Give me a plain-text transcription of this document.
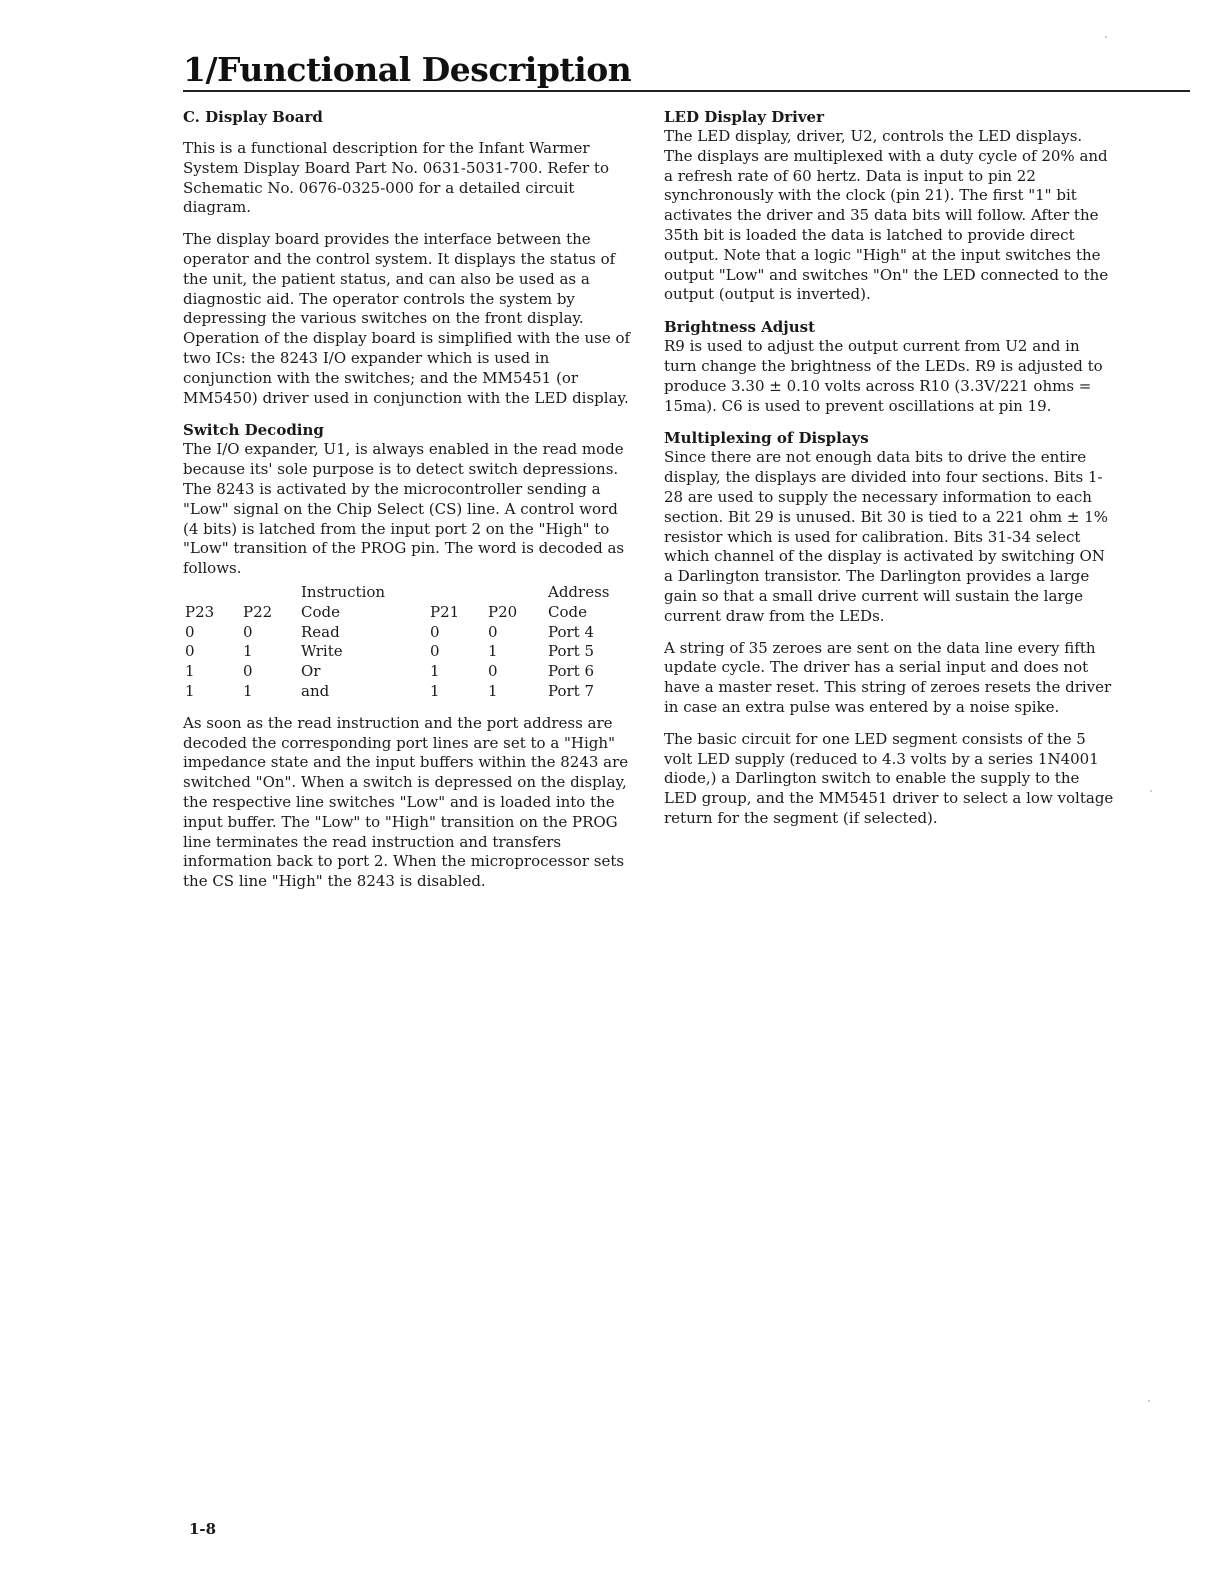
1/Functional Description
C. Display Board

This is a functional description for the Infant Warmer System Display Board Part No. 0631-5031-700. Refer to Schematic No. 0676-0325-000 for a detailed circuit diagram.

The display board provides the interface between the operator and the control system. It displays the status of the unit, the patient status, and can also be used as a diagnostic aid. The operator controls the system by depressing the various switches on the front display. Operation of the display board is simplified with the use of two ICs: the 8243 I/O expander which is used in conjunction with the switches; and the MM5451 (or MM5450) driver used in conjunction with the LED display.

Switch Decoding

The I/O expander, U1, is always enabled in the read mode because its' sole purpose is to detect switch depressions. The 8243 is activated by the microcontroller sending a "Low" signal on the Chip Select (CS) line. A control word (4 bits) is latched from the input port 2 on the "High" to "Low" transition of the PROG pin. The word is decoded as follows.

		Instruction			Address
P23	P22	Code	P21	P20	Code
0	0	Read	0	0	Port 4
0	1	Write	0	1	Port 5
1	0	Or	1	0	Port 6
1	1	and	1	1	Port 7

As soon as the read instruction and the port address are decoded the corresponding port lines are set to a "High" impedance state and the input buffers within the 8243 are switched "On". When a switch is depressed on the display, the respective line switches "Low" and is loaded into the input buffer. The "Low" to "High" transition on the PROG line terminates the read instruction and transfers information back to port 2. When the microprocessor sets the CS line "High" the 8243 is disabled.

LED Display Driver

The LED display, driver, U2, controls the LED displays. The displays are multiplexed with a duty cycle of 20% and a refresh rate of 60 hertz. Data is input to pin 22 synchronously with the clock (pin 21). The first "1" bit activates the driver and 35 data bits will follow. After the 35th bit is loaded the data is latched to provide direct output. Note that a logic "High" at the input switches the output "Low" and switches "On" the LED connected to the output (output is inverted).

Brightness Adjust

R9 is used to adjust the output current from U2 and in turn change the brightness of the LEDs. R9 is adjusted to produce 3.30 ± 0.10 volts across R10 (3.3V/221 ohms = 15ma). C6 is used to prevent oscillations at pin 19.

Multiplexing of Displays

Since there are not enough data bits to drive the entire display, the displays are divided into four sections. Bits 1-28 are used to supply the necessary information to each section. Bit 29 is unused. Bit 30 is tied to a 221 ohm ± 1% resistor which is used for calibration. Bits 31-34 select which channel of the display is activated by switching ON a Darlington transistor. The Darlington provides a large gain so that a small drive current will sustain the large current draw from the LEDs.

A string of 35 zeroes are sent on the data line every fifth update cycle. The driver has a serial input and does not have a master reset. This string of zeroes resets the driver in case an extra pulse was entered by a noise spike.

The basic circuit for one LED segment consists of the 5 volt LED supply (reduced to 4.3 volts by a series 1N4001 diode,) a Darlington switch to enable the supply to the LED group, and the MM5451 driver to select a low voltage return for the segment (if selected).

1-8
